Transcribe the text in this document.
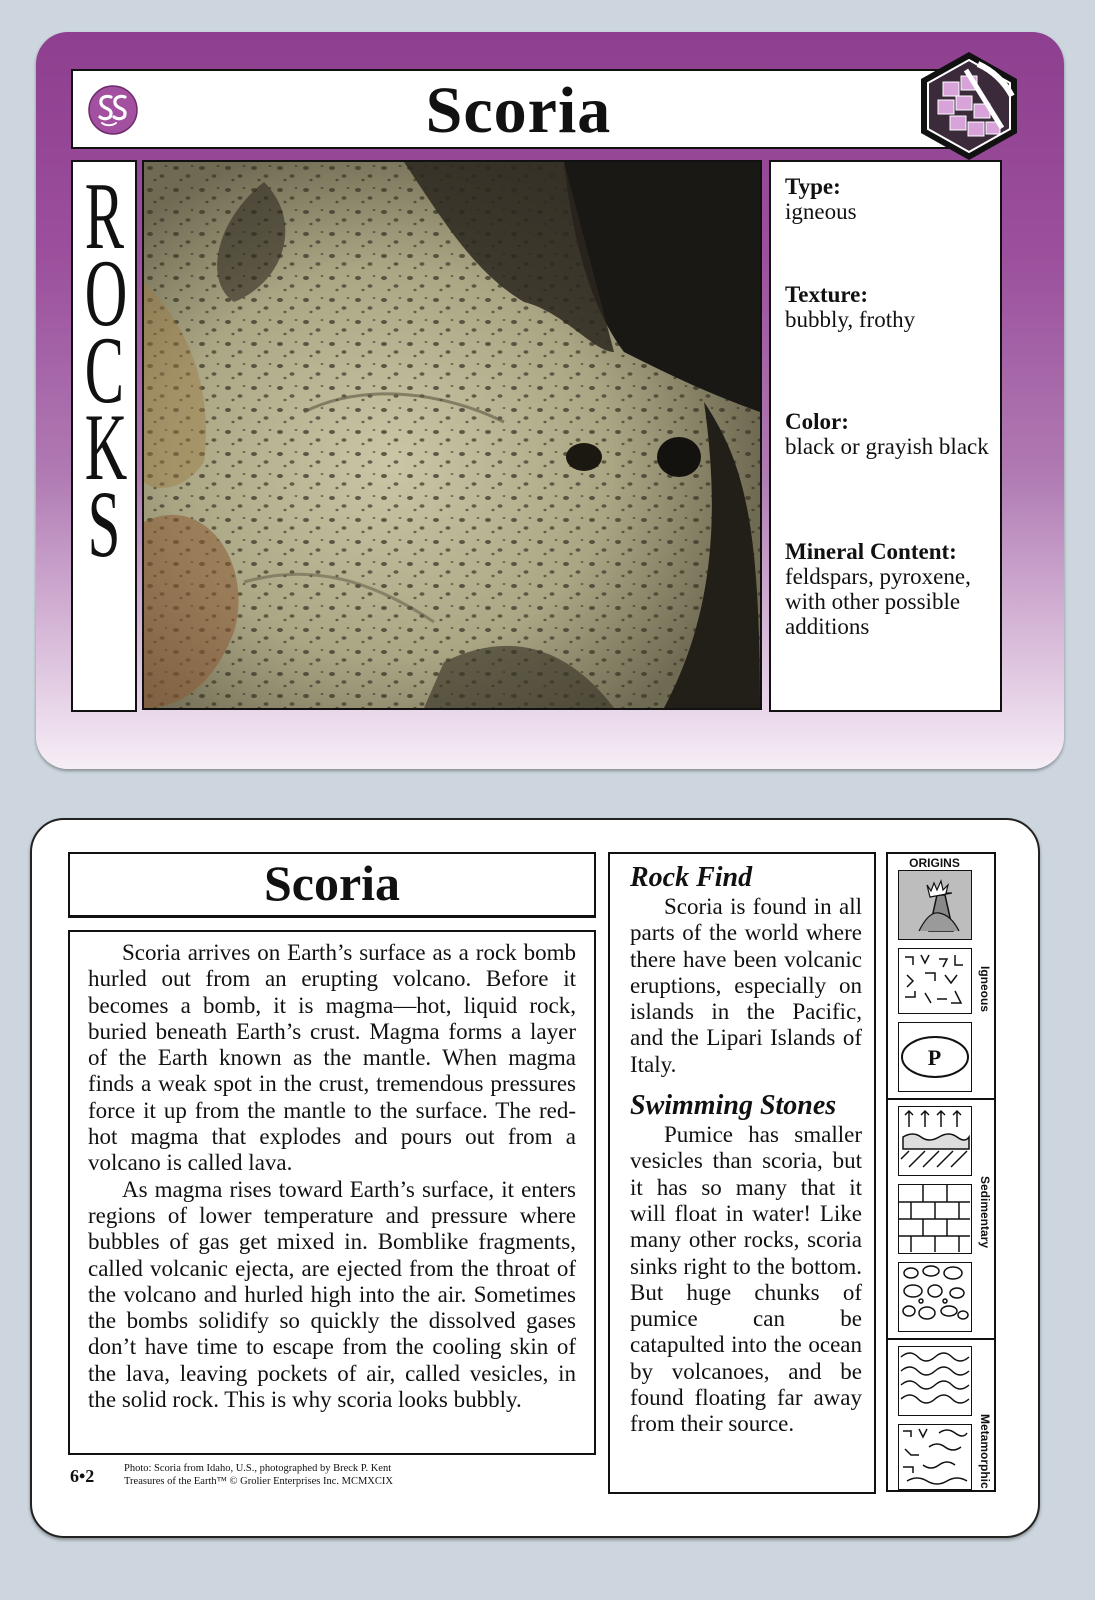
Scoria
R
O
C
K
S
Type:
igneous
Texture:
bubbly, frothy
Color:
black or grayish black
Mineral Content:
feldspars, pyroxene, with other possible additions
Scoria

Scoria arrives on Earth’s surface as a rock bomb hurled out from an erupting volcano. Before it becomes a bomb, it is magma—hot, liquid rock, buried beneath Earth’s crust. Magma forms a layer of the Earth known as the mantle. When magma finds a weak spot in the crust, tremendous pressures force it up from the mantle to the surface. The red-hot magma that explodes and pours out from a volcano is called lava.

As magma rises toward Earth’s surface, it enters regions of lower temperature and pressure where bubbles of gas get mixed in. Bomblike fragments, called volcanic ejecta, are ejected from the throat of the volcano and hurled high into the air. Sometimes the bombs solidify so quickly the dissolved gases don’t have time to escape from the cooling skin of the lava, leaving pockets of air, called vesicles, in the solid rock. This is why scoria looks bubbly.

6•2	Photo: Scoria from Idaho, U.S., photographed by Breck P. Kent
Treasures of the Earth™ © Grolier Enterprises Inc. MCMXCIX
Rock Find

Scoria is found in all parts of the world where there have been volcanic eruptions, especially on islands in the Pacific, and the Lipari Islands of Italy.

Swimming Stones

Pumice has smaller vesicles than scoria, but it has so many that it will float in water! Like many other rocks, scoria sinks right to the bottom. But huge chunks of pumice can be catapulted into the ocean by volcanoes, and be found floating far away from their source.

ORIGINS
P
Igneous
Sedimentary
Metamorphic
